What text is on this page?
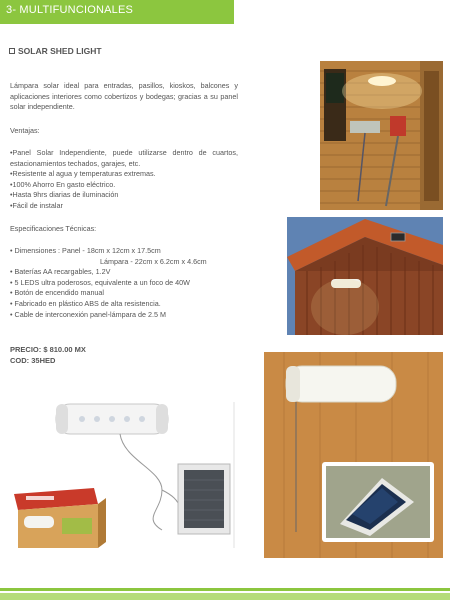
3- MULTIFUNCIONALES
SOLAR SHED LIGHT
Lámpara solar ideal para entradas, pasillos, kioskos, balcones y aplicaciones interiores como cobertizos y bodegas; gracias a su panel solar independiente.
Ventajas:
•Panel Solar Independiente, puede utilizarse dentro de cuartos, estacionamientos techados, garajes, etc.
•Resistente al agua y temperaturas extremas.
•100% Ahorro En gasto eléctrico.
•Hasta 9hrs diarias de iluminación
•Fácil de instalar
Especificaciones Técnicas:
• Dimensiones : Panel - 18cm x 12cm x 17.5cm
Lámpara - 22cm x 6.2cm x 4.6cm
• Baterías AA recargables, 1.2V
• 5 LEDS ultra poderosos, equivalente a un foco de 40W
• Botón de encendido manual
• Fabricado en plástico ABS de alta resistencia.
• Cable de interconexión panel-lámpara de 2.5 M
PRECIO: $ 810.00 MX
COD: 35HED
